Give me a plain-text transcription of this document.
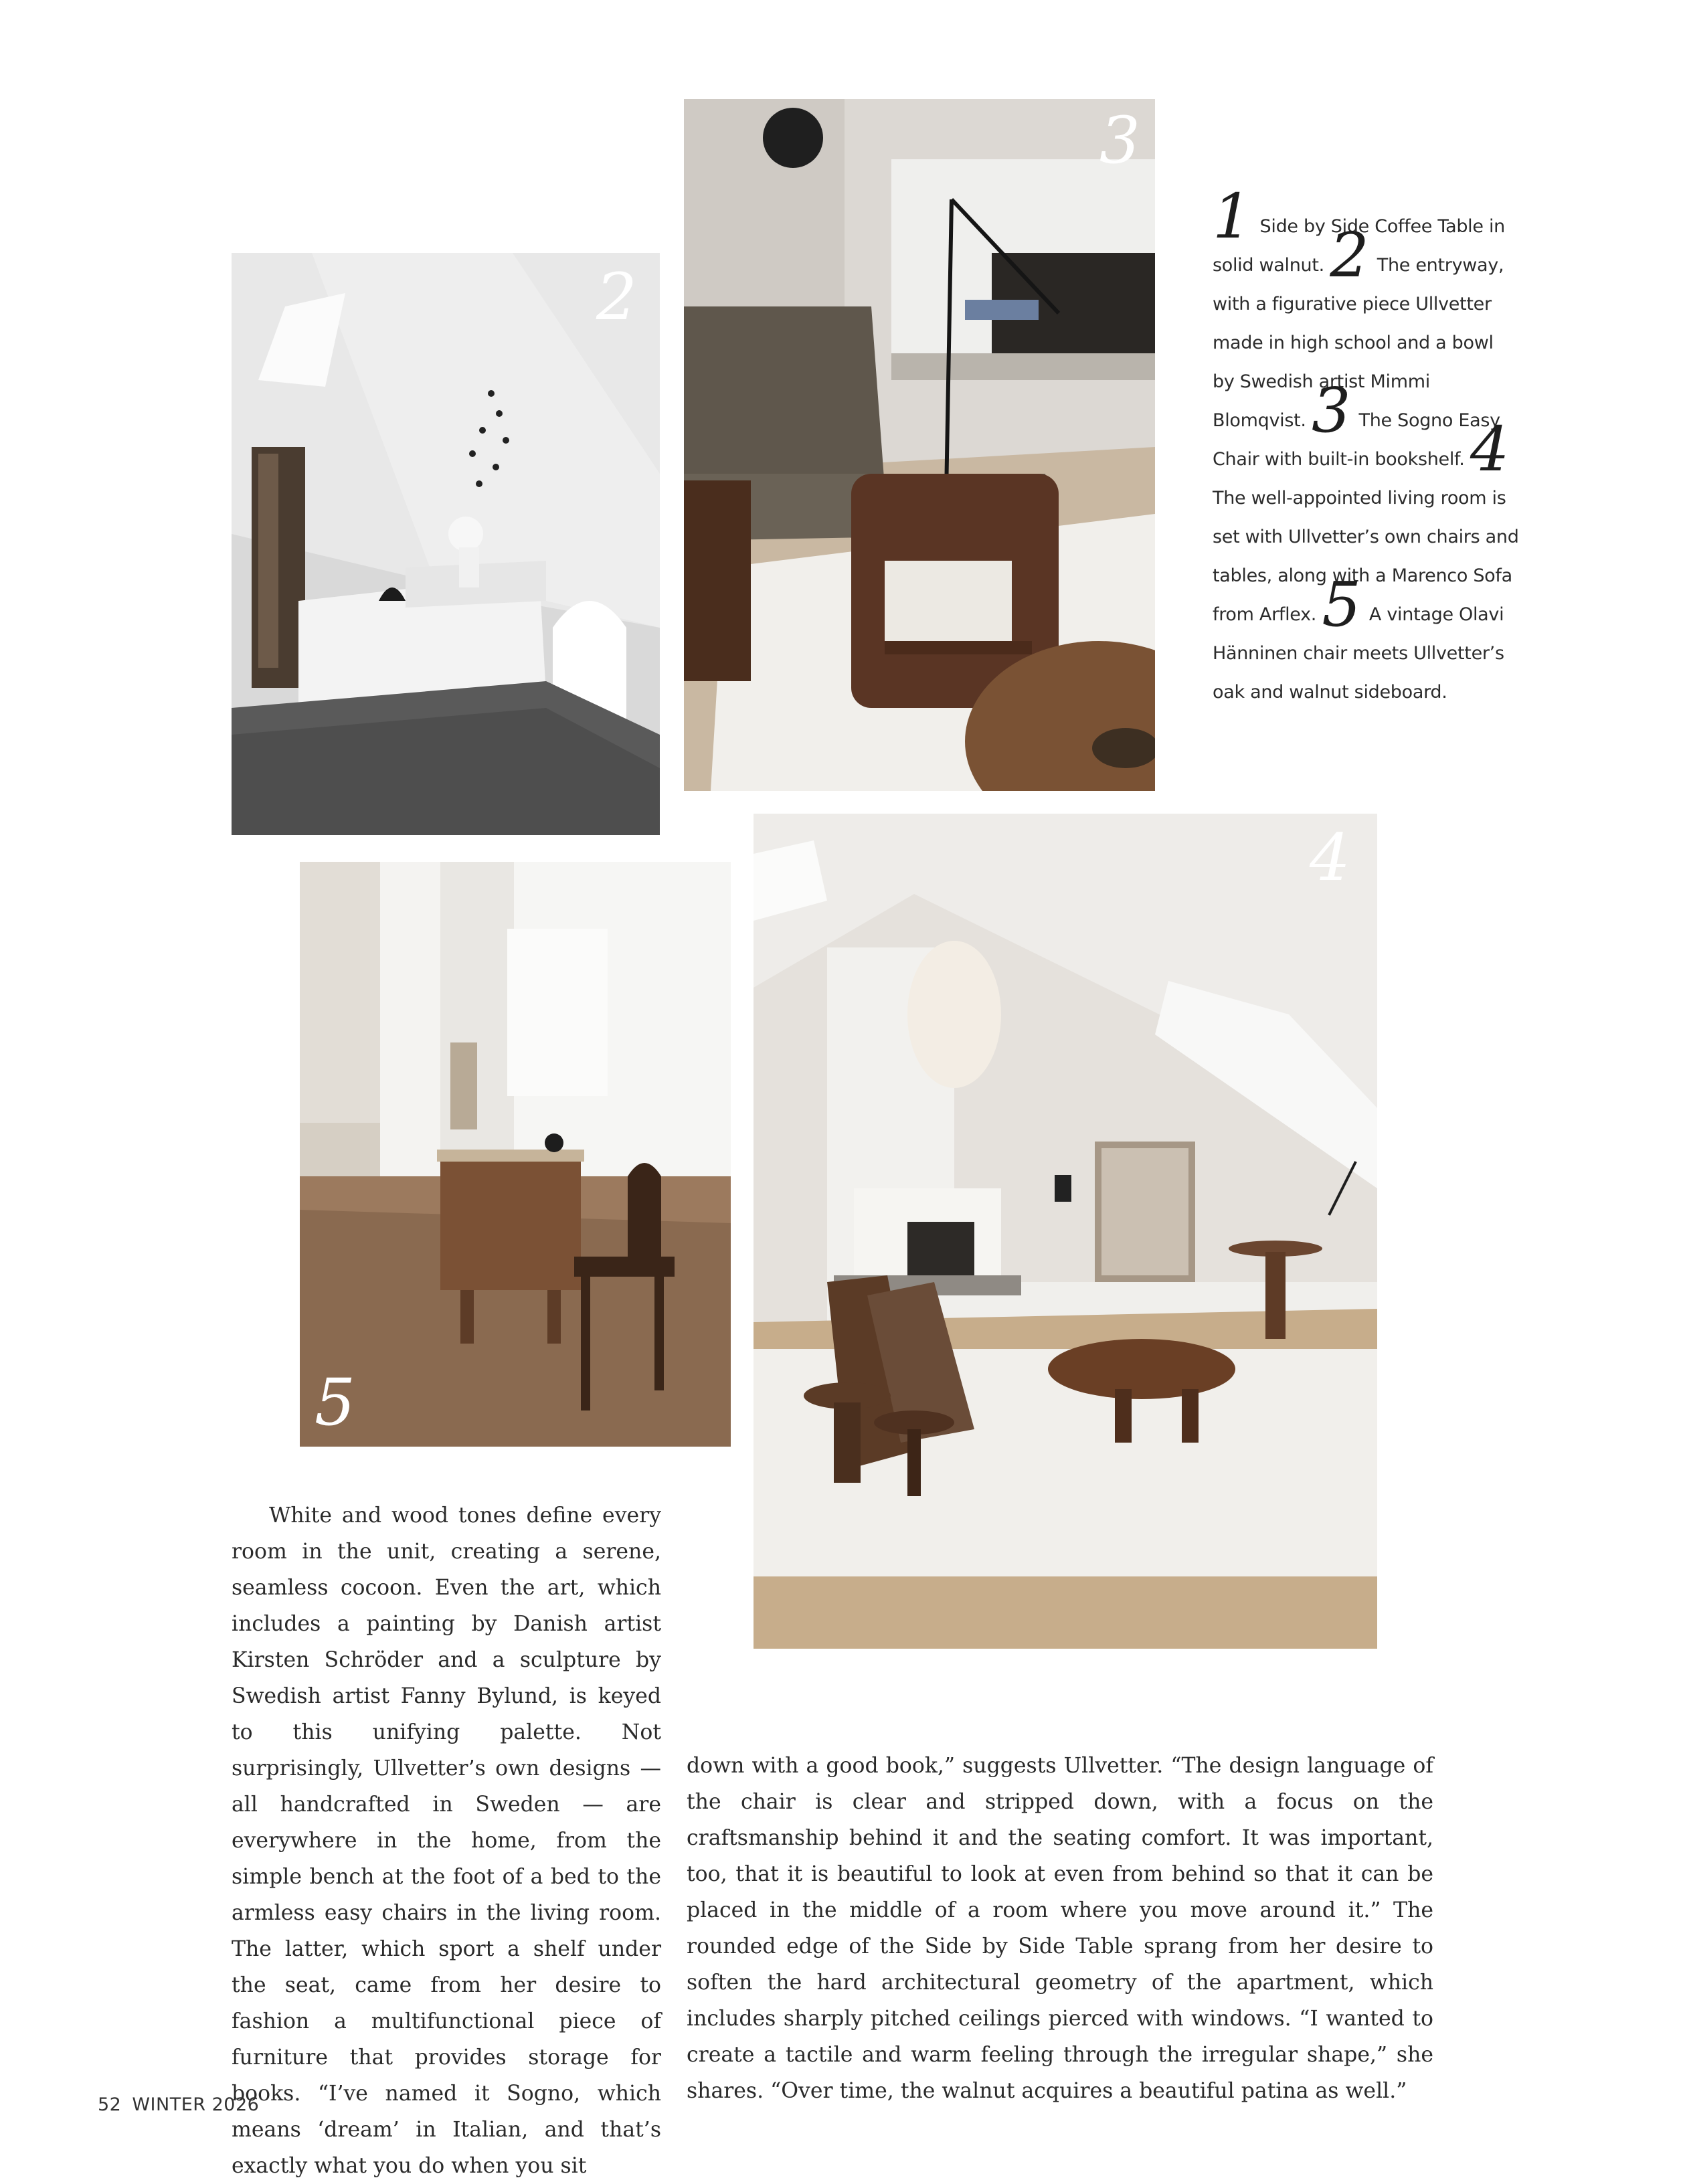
2
3
1 Side by Side Coffee Table in solid walnut. 2 The entryway, with a figurative piece Ullvetter made in high school and a bowl by Swedish artist Mimmi Blomqvist. 3 The Sogno Easy Chair with built-in bookshelf. 4 The well-appointed living room is set with Ullvetter’s own chairs and tables, along with a Marenco Sofa from Arflex. 5 A vintage Olavi Hänninen chair meets Ullvetter’s oak and walnut sideboard.
5
4

White and wood tones define every room in the unit, creating a serene, seamless cocoon. Even the art, which includes a painting by Danish artist Kirsten Schröder and a sculpture by Swedish artist Fanny Bylund, is keyed to this unifying palette. Not surprisingly, Ullvetter’s own designs — all handcrafted in Sweden — are everywhere in the home, from the simple bench at the foot of a bed to the armless easy chairs in the living room. The latter, which sport a shelf under the seat, came from her desire to fashion a multifunctional piece of furniture that provides storage for books. “I’ve named it Sogno, which means ‘dream’ in Italian, and that’s exactly what you do when you sit

down with a good book,” suggests Ullvetter. “The design language of the chair is clear and stripped down, with a focus on the craftsmanship behind it and the seating comfort. It was important, too, that it is beautiful to look at even from behind so that it can be placed in the middle of a room where you move around it.” The rounded edge of the Side by Side Table sprang from her desire to soften the hard architectural geometry of the apartment, which includes sharply pitched ceilings pierced with windows. “I wanted to create a tactile and warm feeling through the irregular shape,” she shares. “Over time, the walnut acquires a beautiful patina as well.”

52 WINTER 2026
